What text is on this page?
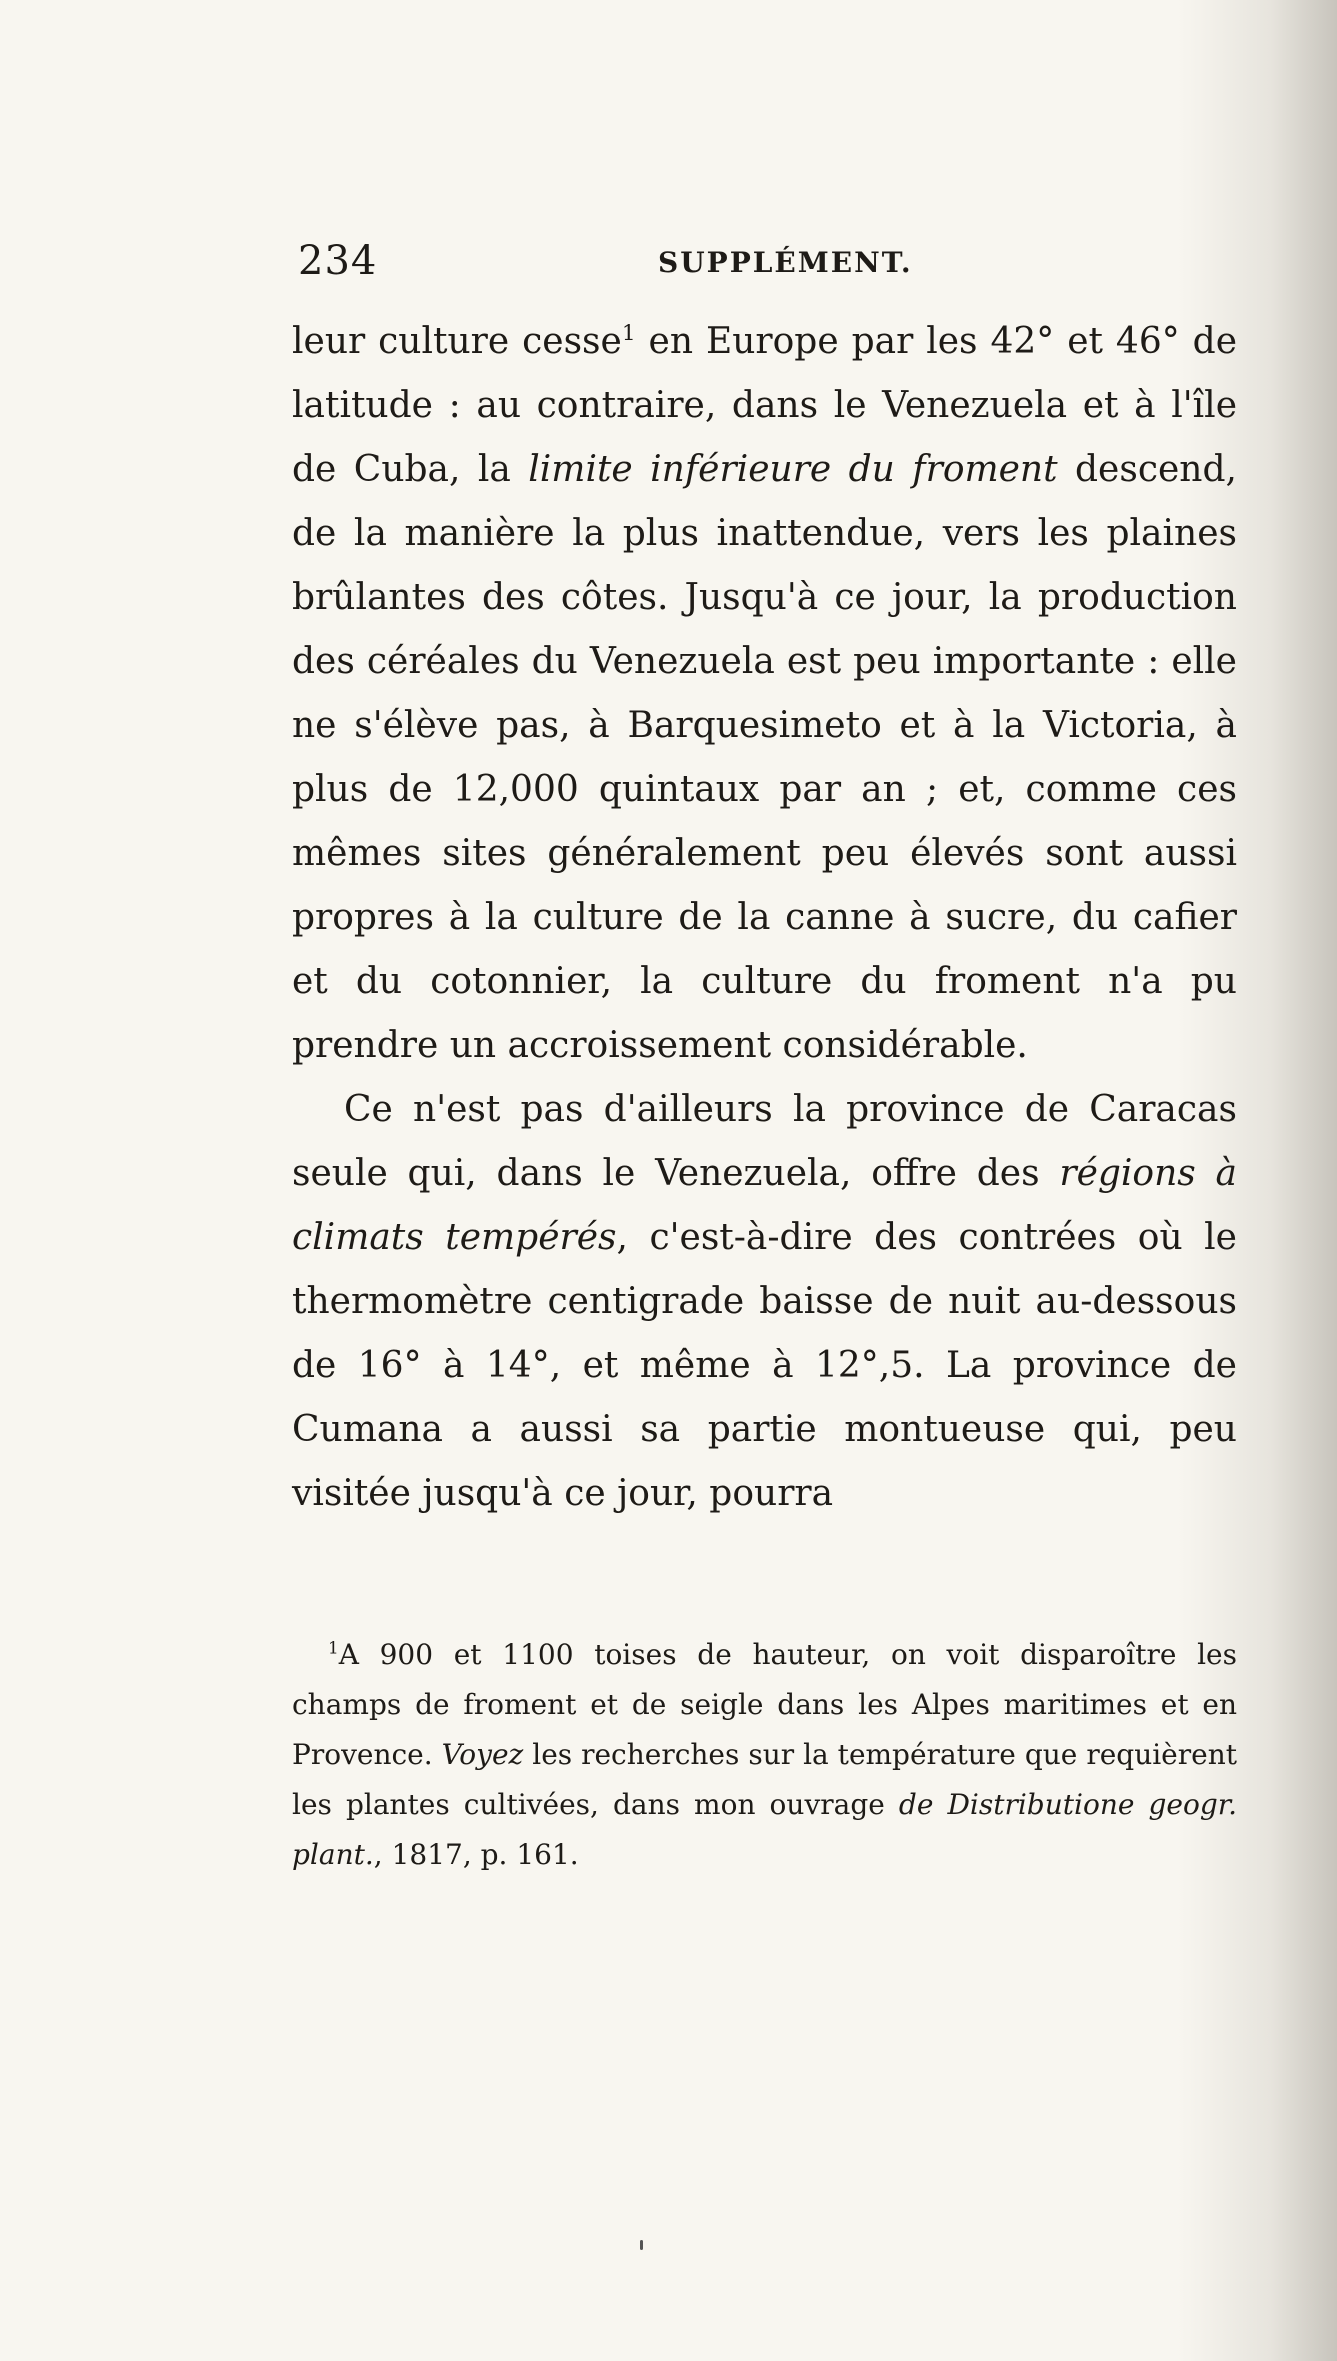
234	SUPPLÉMENT.

leur culture cesse$^1$ en Europe par les 42° et 46° de latitude : au contraire, dans le Venezuela et à l'île de Cuba, la limite inférieure du froment descend, de la manière la plus inattendue, vers les plaines brûlantes des côtes. Jusqu'à ce jour, la production des céréales du Venezuela est peu importante : elle ne s'élève pas, à Barquesimeto et à la Victoria, à plus de 12,000 quintaux par an ; et, comme ces mêmes sites généralement peu élevés sont aussi propres à la culture de la canne à sucre, du cafier et du cotonnier, la culture du froment n'a pu prendre un accroissement considérable.

Ce n'est pas d'ailleurs la province de Caracas seule qui, dans le Venezuela, offre des régions à climats tempérés, c'est-à-dire des contrées où le thermomètre centigrade baisse de nuit au-dessous de 16° à 14°, et même à 12°,5. La province de Cumana a aussi sa partie montueuse qui, peu visitée jusqu'à ce jour, pourra

$^1$A 900 et 1100 toises de hauteur, on voit disparoître les champs de froment et de seigle dans les Alpes maritimes et en Provence. Voyez les recherches sur la température que requièrent les plantes cultivées, dans mon ouvrage de Distributione geogr. plant., 1817, p. 161.
